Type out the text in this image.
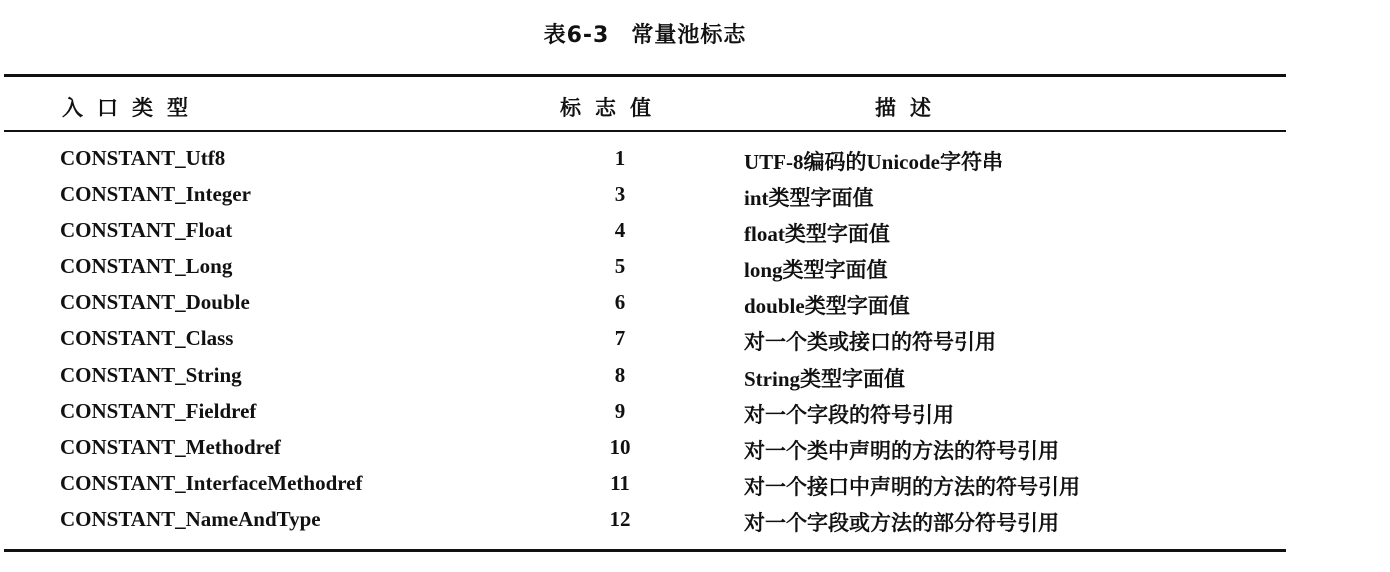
表6-3 常量池标志
入口类型	标志值	描述
CONSTANT_Utf8	1	UTF-8编码的Unicode字符串
CONSTANT_Integer	3	int类型字面值
CONSTANT_Float	4	float类型字面值
CONSTANT_Long	5	long类型字面值
CONSTANT_Double	6	double类型字面值
CONSTANT_Class	7	对一个类或接口的符号引用
CONSTANT_String	8	String类型字面值
CONSTANT_Fieldref	9	对一个字段的符号引用
CONSTANT_Methodref	10	对一个类中声明的方法的符号引用
CONSTANT_InterfaceMethodref	11	对一个接口中声明的方法的符号引用
CONSTANT_NameAndType	12	对一个字段或方法的部分符号引用
